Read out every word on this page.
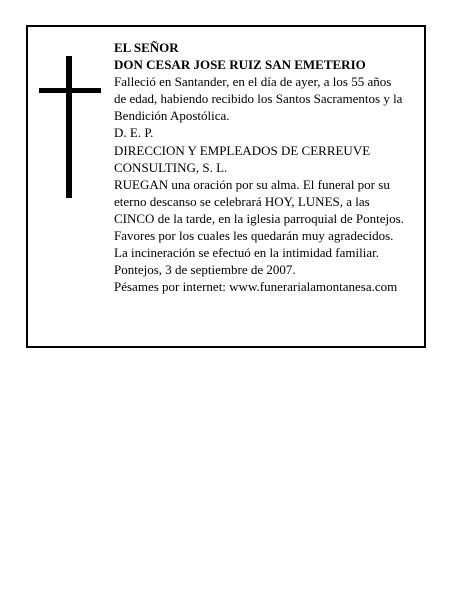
EL SEÑOR
DON CESAR JOSE RUIZ SAN EMETERIO
Falleció en Santander, en el día de ayer, a los 55 años
de edad, habiendo recibido los Santos Sacramentos y la
Bendición Apostólica.
D. E. P.
DIRECCION Y EMPLEADOS DE CERREUVE
CONSULTING, S. L.
RUEGAN una oración por su alma. El funeral por su
eterno descanso se celebrará HOY, LUNES, a las
CINCO de la tarde, en la iglesia parroquial de Pontejos.
Favores por los cuales les quedarán muy agradecidos.
La incineración se efectuó en la intimidad familiar.
Pontejos, 3 de septiembre de 2007.
Pésames por internet: www.funerarialamontanesa.com
